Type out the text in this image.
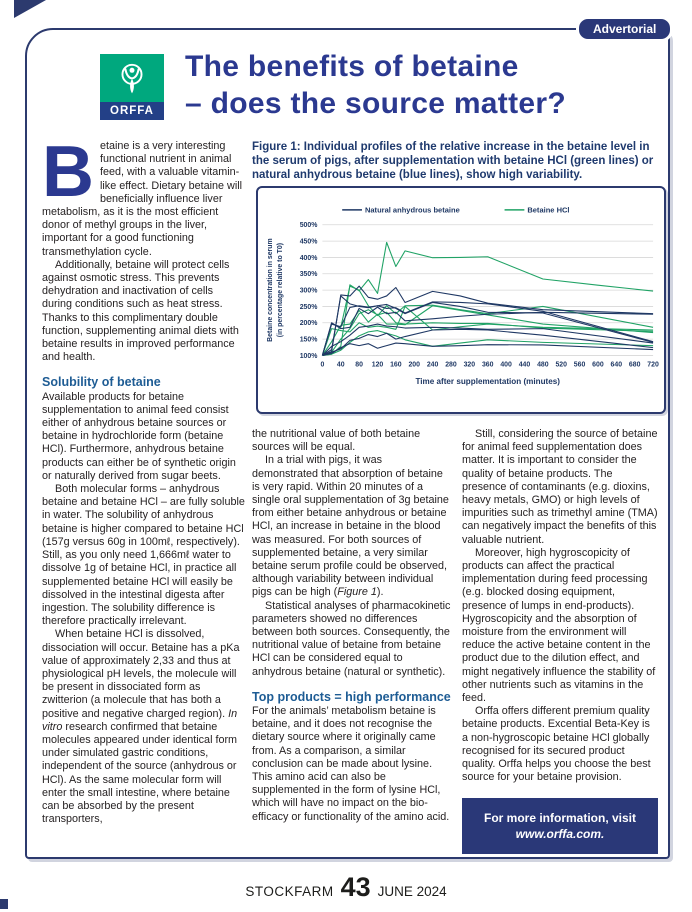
Advertorial
ORFFA
The benefits of betaine
– does the source matter?

Betaine is a very interesting functional nutrient in animal feed, with a valuable vitamin-like effect. Dietary betaine will beneficially influence liver metabolism, as it is the most efficient donor of methyl groups in the liver, important for a good functioning transmethylation cycle.

Additionally, betaine will protect cells against osmotic stress. This prevents dehydration and inactivation of cells during conditions such as heat stress. Thanks to this complimentary double function, supplementing animal diets with betaine results in improved performance and health.

Solubility of betaine

Available products for betaine supplementation to animal feed consist either of anhydrous betaine sources or betaine in hydrochloride form (betaine HCl). Furthermore, anhydrous betaine products can either be of synthetic origin or naturally derived from sugar beets.

Both molecular forms – anhydrous betaine and betaine HCl – are fully soluble in water. The solubility of anhydrous betaine is higher compared to betaine HCl (157g versus 60g in 100mℓ, respectively). Still, as you only need 1,666mℓ water to dissolve 1g of betaine HCl, in practice all supplemented betaine HCl will easily be dissolved in the intestinal digesta after ingestion. The solubility difference is therefore practically irrelevant.

When betaine HCl is dissolved, dissociation will occur. Betaine has a pKa value of approximately 2,33 and thus at physiological pH levels, the molecule will be present in dissociated form as zwitterion (a molecule that has both a positive and negative charged region). In vitro research confirmed that betaine molecules appeared under identical form under simulated gastric conditions, independent of the source (anhydrous or HCl). As the same molecular form will enter the small intestine, where betaine can be absorbed by the present transporters,

Figure 1: Individual profiles of the relative increase in the betaine level in the serum of pigs, after supplementation with betaine HCl (green lines) or natural anhydrous betaine (blue lines), show high variability.
100%
150%
200%
250%
300%
350%
400%
450%
500%
0 40 80 120 160 200 240 280 320 360 400 440 480 520 560 600 640 680 720
Natural anhydrous betaine	Betaine HCl
Time after supplementation (minutes)
Betaine concentration in serum (in percentage relative to T0)

the nutritional value of both betaine sources will be equal.

In a trial with pigs, it was demonstrated that absorption of betaine is very rapid. Within 20 minutes of a single oral supplementation of 3g betaine from either betaine anhydrous or betaine HCl, an increase in betaine in the blood was measured. For both sources of supplemented betaine, a very similar betaine serum profile could be observed, although variability between individual pigs can be high (Figure 1).

Statistical analyses of pharmacokinetic parameters showed no differences between both sources. Consequently, the nutritional value of betaine from betaine HCl can be considered equal to anhydrous betaine (natural or synthetic).

Top products = high performance

For the animals’ metabolism betaine is betaine, and it does not recognise the dietary source where it originally came from. As a comparison, a similar conclusion can be made about lysine. This amino acid can also be supplemented in the form of lysine HCl, which will have no impact on the bio-efficacy or functionality of the amino acid.

Still, considering the source of betaine for animal feed supplementation does matter. It is important to consider the quality of betaine products. The presence of contaminants (e.g. dioxins, heavy metals, GMO) or high levels of impurities such as trimethyl amine (TMA) can negatively impact the benefits of this valuable nutrient.

Moreover, high hygroscopicity of products can affect the practical implementation during feed processing (e.g. blocked dosing equipment, presence of lumps in end-products). Hygroscopicity and the absorption of moisture from the environment will reduce the active betaine content in the product due to the dilution effect, and might negatively influence the stability of other nutrients such as vitamins in the feed.

Orffa offers different premium quality betaine products. Excential Beta-Key is a non-hygroscopic betaine HCl globally recognised for its secured product quality. Orffa helps you choose the best source for your betaine provision.

For more information, visit
www.orffa.com.
STOCKFARM 43 JUNE 2024
